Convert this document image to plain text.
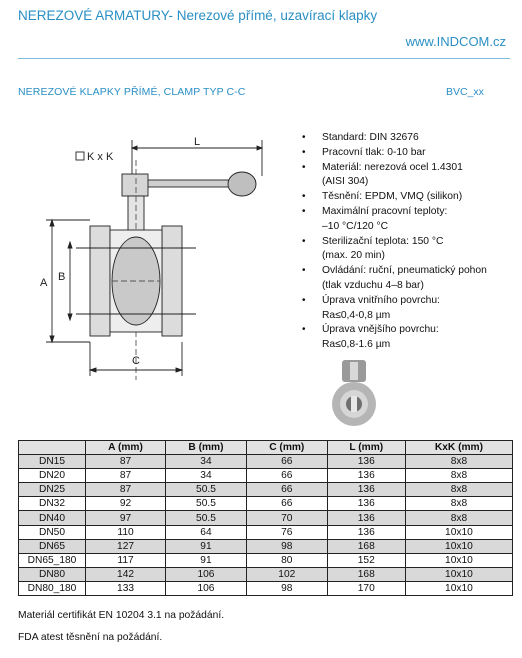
NEREZOVÉ ARMATURY- Nerezové přímé, uzavírací klapky
www.INDCOM.cz
NEREZOVÉ KLAPKY PŘÍMÉ, CLAMP TYP C-C	BVC_xx
K x K
L
A B
C
• Standard: DIN 32676
• Pracovní tlak: 0-10 bar
• Materiál: nerezová ocel 1.4301
(AISI 304)
• Těsnění: EPDM, VMQ (silikon)
• Maximální pracovní teploty:
–10 °C/120 °C
• Sterilizační teplota: 150 °C
(max. 20 min)
• Ovládání: ruční, pneumatický pohon
(tlak vzduchu 4–8 bar)
• Úprava vnitřního povrchu:
Ra≤0,4-0,8 µm
• Úprava vnějšího povrchu:
Ra≤0,8-1.6 µm
	A (mm)	B (mm)	C (mm)	L (mm)	KxK (mm)
DN15	87	34	66	136	8x8
DN20	87	34	66	136	8x8
DN25	87	50.5	66	136	8x8
DN32	92	50.5	66	136	8x8
DN40	97	50.5	70	136	8x8
DN50	110	64	76	136	10x10
DN65	127	91	98	168	10x10
DN65_180	117	91	80	152	10x10
DN80	142	106	102	168	10x10
DN80_180	133	106	98	170	10x10
Materiál certifikát EN 10204 3.1 na požádání.
FDA atest těsnění na požádání.
